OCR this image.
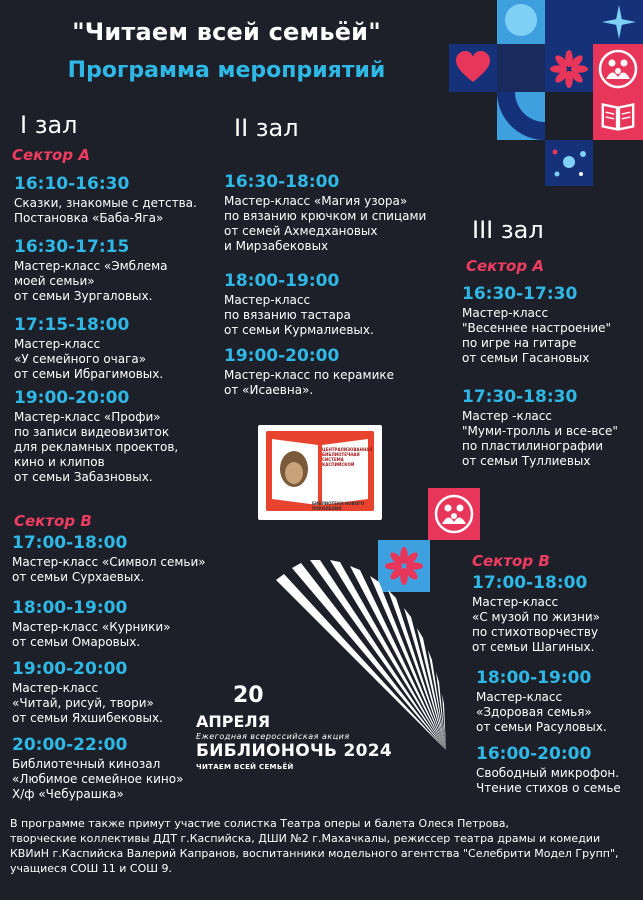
"Читаем всей семьёй"
Программа мероприятий
I зал
Сектор А
16:10-16:30
Сказки, знакомые с детства.
Постановка «Баба-Яга»
16:30-17:15
Мастер-класс «Эмблема
моей семьи»
от семьи Зургаловых.
17:15-18:00
Мастер-класс
«У семейного очага»
от семьи Ибрагимовых.
19:00-20:00
Мастер-класс «Профи»
по записи видеовизиток
для рекламных проектов,
кино и клипов
от семьи Забазновых.
Сектор В
17:00-18:00
Мастер-класс «Символ семьи»
от семьи Сурхаевых.
18:00-19:00
Мастер-класс «Курники»
от семьи Омаровых.
19:00-20:00
Мастер-класс
«Читай, рисуй, твори»
от семьи Яхшибековых.
20:00-22:00
Библиотечный кинозал
«Любимое семейное кино»
Х/ф «Чебурашка»
II зал
16:30-18:00
Мастер-класс «Магия узора»
по вязанию крючком и спицами
от семей Ахмедхановых
и Мирзабековых
18:00-19:00
Мастер-класс
по вязанию тастара
от семьи Курмалиевых.
19:00-20:00
Мастер-класс по керамике
от «Исаевна».
ЦЕНТРАЛИЗОВАННАЯ БИБЛИОТЕЧНАЯ СИСТЕМА КАСПИЙСКОЙ
БИБЛИОТЕКИ НОВОГО ПОКОЛЕНИЯ
20
АПРЕЛЯ
Ежегодная всероссийская акция
БИБЛИОНОЧЬ 2024
ЧИТАЕМ ВСЕЙ СЕМЬЁЙ
III зал
Сектор А
16:30-17:30
Мастер-класс
"Весеннее настроение"
по игре на гитаре
от семьи Гасановых
17:30-18:30
Мастер -класс
"Муми-тролль и все-все"
по пластилинографии
от семьи Туллиевых
Сектор В
17:00-18:00
Мастер-класс
«С музой по жизни»
по стихотворчеству
от семьи Шагиных.
18:00-19:00
Мастер-класс
«Здоровая семья»
от семьи Расуловых.
16:00-20:00
Свободный микрофон.
Чтение стихов о семье
В программе также примут участие солистка Театра оперы и балета Олеся Петрова,
творческие коллективы ДДТ г.Каспийска, ДШИ №2 г.Махачкалы, режиссер театра драмы и комедии
КВИиН г.Каспийска Валерий Капранов, воспитанники модельного агентства "Селебрити Модел Групп",
учащиеся СОШ 11 и СОШ 9.
